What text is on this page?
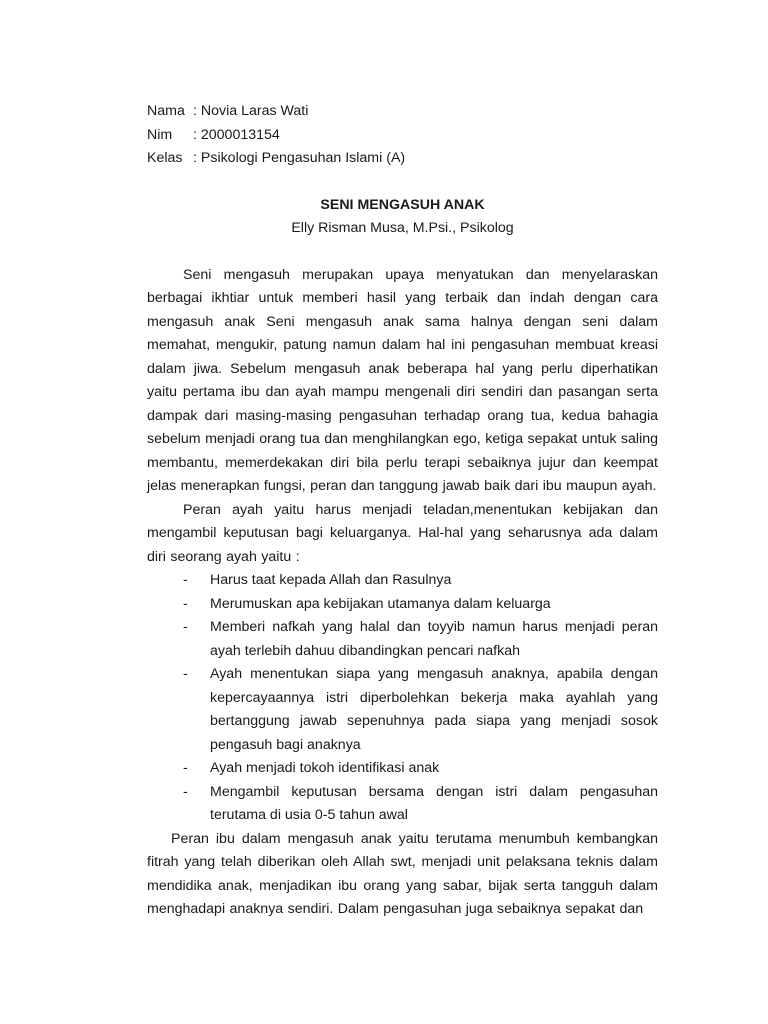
Nama : Novia Laras Wati
Nim	: 2000013154
Kelas : Psikologi Pengasuhan Islami (A)
SENI MENGASUH ANAK
Elly Risman Musa, M.Psi., Psikolog

Seni mengasuh merupakan upaya menyatukan dan menyelaraskan berbagai ikhtiar untuk memberi hasil yang terbaik dan indah dengan cara mengasuh anak Seni mengasuh anak sama halnya dengan seni dalam memahat, mengukir, patung namun dalam hal ini pengasuhan membuat kreasi dalam jiwa. Sebelum mengasuh anak beberapa hal yang perlu diperhatikan yaitu pertama ibu dan ayah mampu mengenali diri sendiri dan pasangan serta dampak dari masing-masing pengasuhan terhadap orang tua, kedua bahagia sebelum menjadi orang tua dan menghilangkan ego, ketiga sepakat untuk saling membantu, memerdekakan diri bila perlu terapi sebaiknya jujur dan keempat jelas menerapkan fungsi, peran dan tanggung jawab baik dari ibu maupun ayah.

Peran ayah yaitu harus menjadi teladan,menentukan kebijakan dan mengambil keputusan bagi keluarganya. Hal-hal yang seharusnya ada dalam diri seorang ayah yaitu :

- Harus taat kepada Allah dan Rasulnya
- Merumuskan apa kebijakan utamanya dalam keluarga
- Memberi nafkah yang halal dan toyyib namun harus menjadi peran ayah terlebih dahuu dibandingkan pencari nafkah
- Ayah menentukan siapa yang mengasuh anaknya, apabila dengan kepercayaannya istri diperbolehkan bekerja maka ayahlah yang bertanggung jawab sepenuhnya pada siapa yang menjadi sosok pengasuh bagi anaknya
- Ayah menjadi tokoh identifikasi anak
- Mengambil keputusan bersama dengan istri dalam pengasuhan terutama di usia 0-5 tahun awal

Peran ibu dalam mengasuh anak yaitu terutama menumbuh kembangkan fitrah yang telah diberikan oleh Allah swt, menjadi unit pelaksana teknis dalam mendidika anak, menjadikan ibu orang yang sabar, bijak serta tangguh dalam menghadapi anaknya sendiri. Dalam pengasuhan juga sebaiknya sepakat dan
